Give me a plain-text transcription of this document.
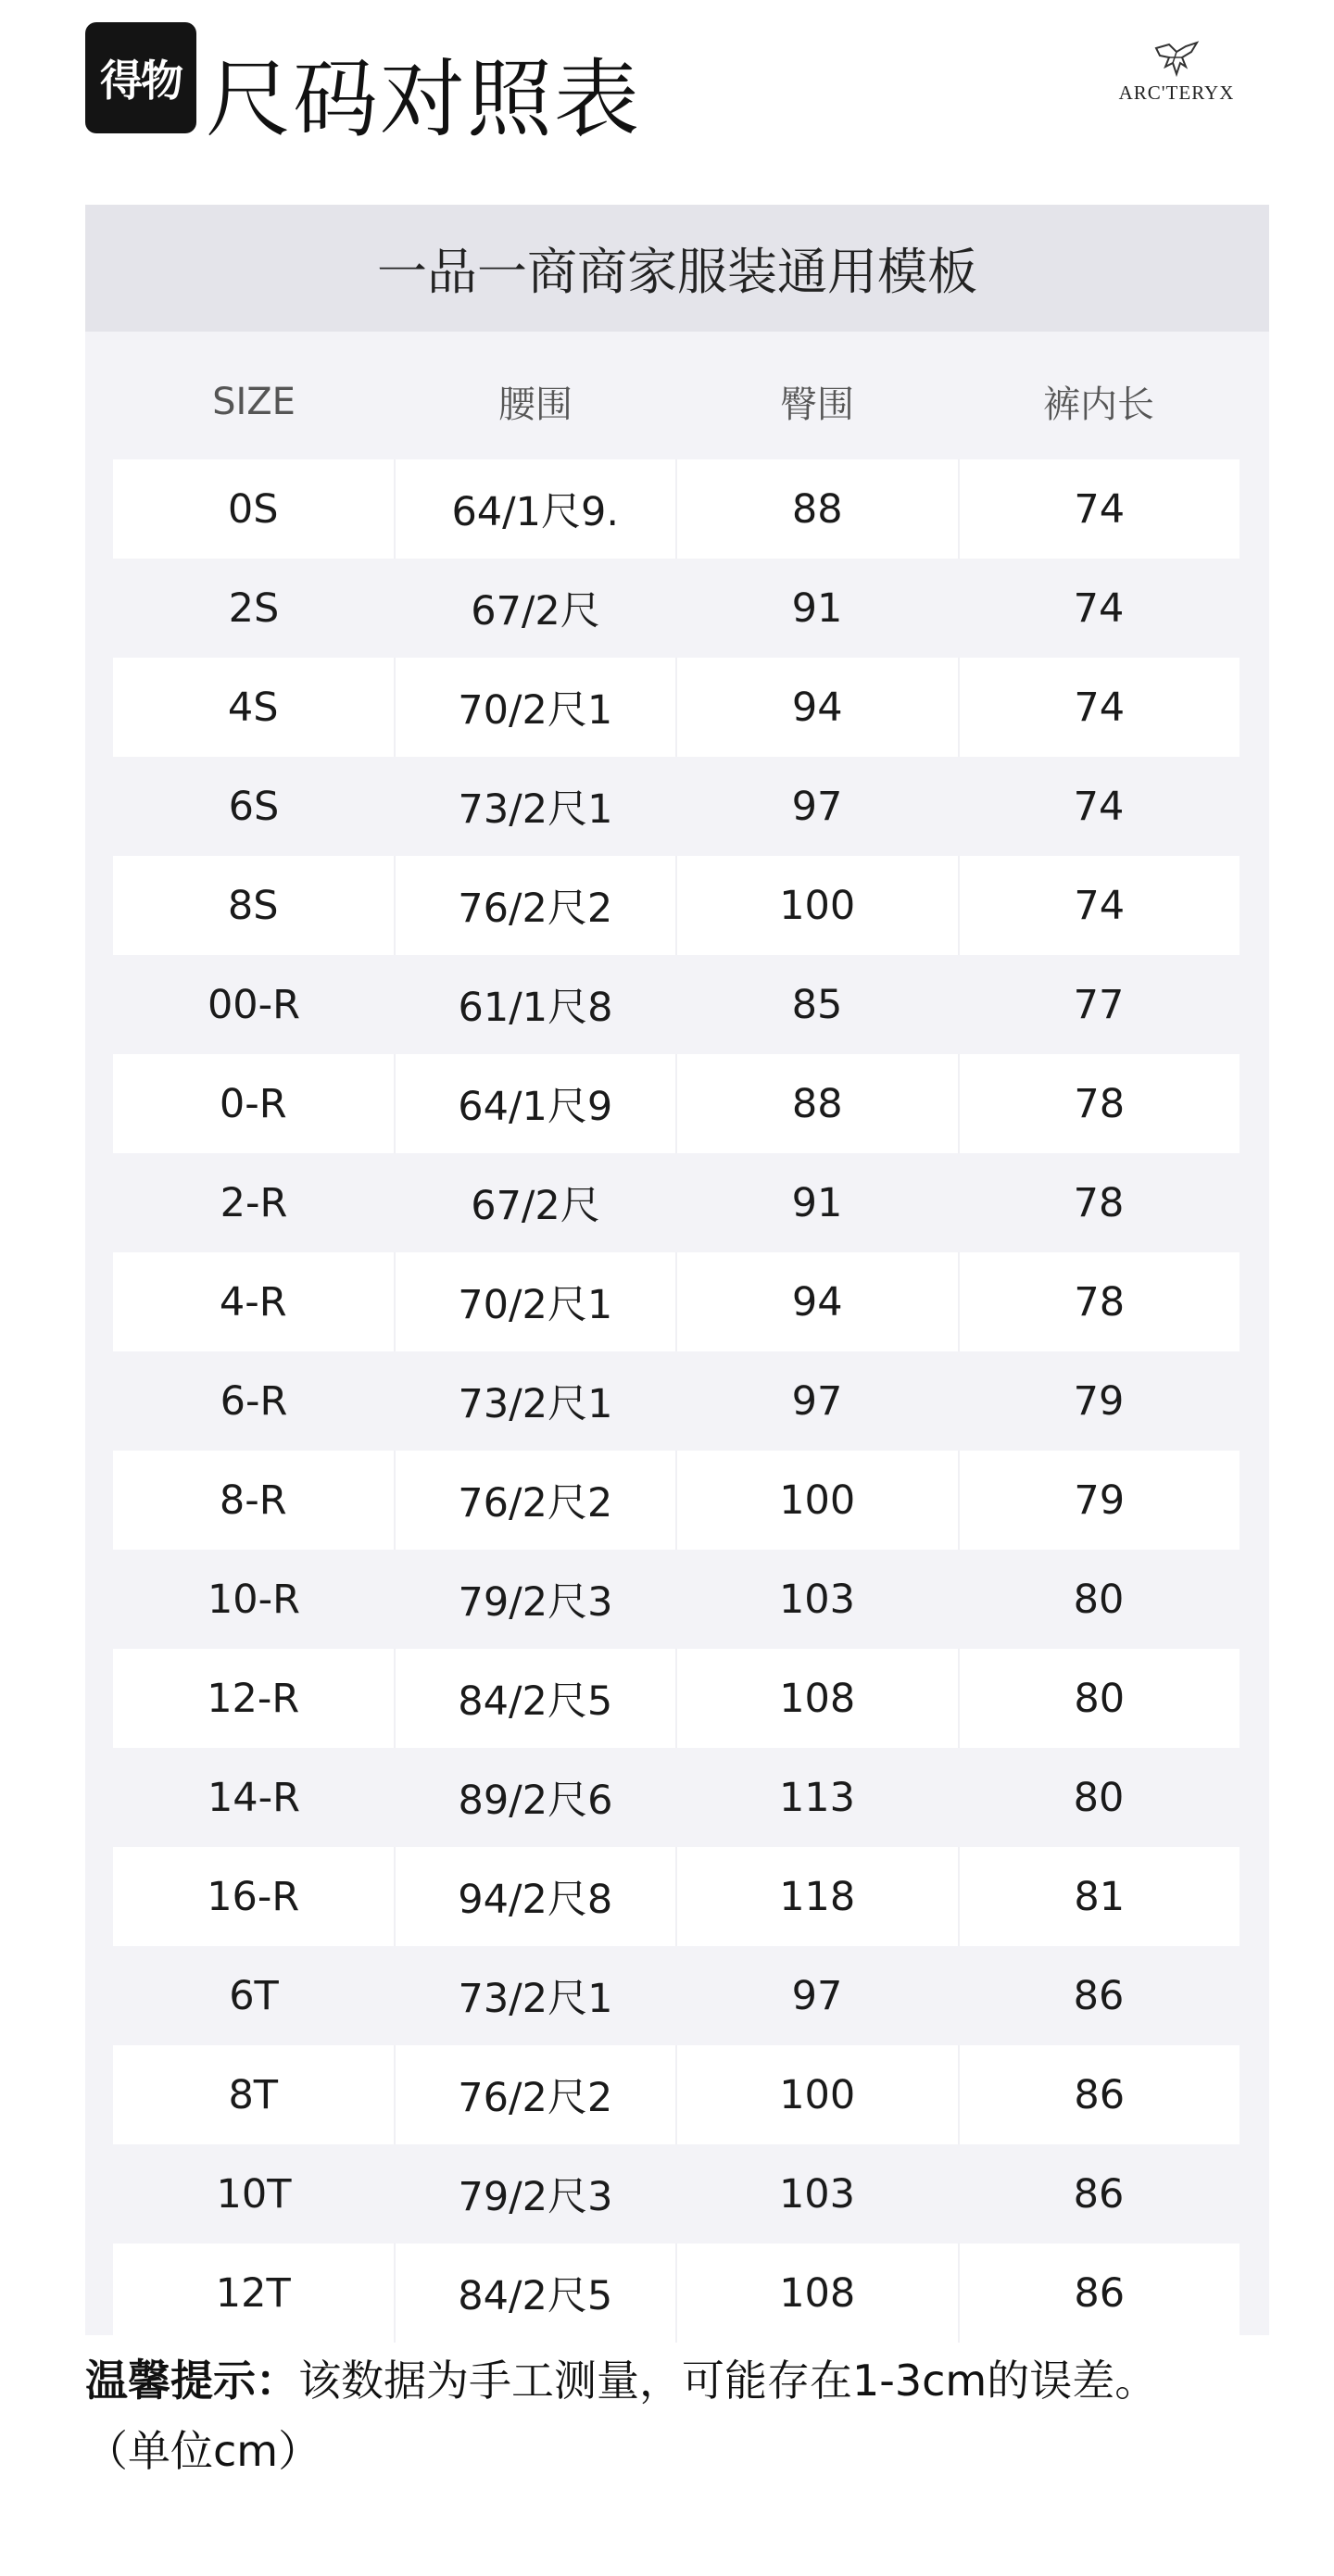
得物 尺码对照表	ARC'TERYX
一品一商商家服装通用模板
SIZE	腰围	臀围	裤内长
0S	64/1尺9.	88	74
2S	67/2尺	91	74
4S	70/2尺1	94	74
6S	73/2尺1	97	74
8S	76/2尺2	100	74
00-R	61/1尺8	85	77
0-R	64/1尺9	88	78
2-R	67/2尺	91	78
4-R	70/2尺1	94	78
6-R	73/2尺1	97	79
8-R	76/2尺2	100	79
10-R	79/2尺3	103	80
12-R	84/2尺5	108	80
14-R	89/2尺6	113	80
16-R	94/2尺8	118	81
6T	73/2尺1	97	86
8T	76/2尺2	100	86
10T	79/2尺3	103	86
12T	84/2尺5	108	86
温馨提示：该数据为手工测量，可能存在1-3cm的误差。
（单位cm）
